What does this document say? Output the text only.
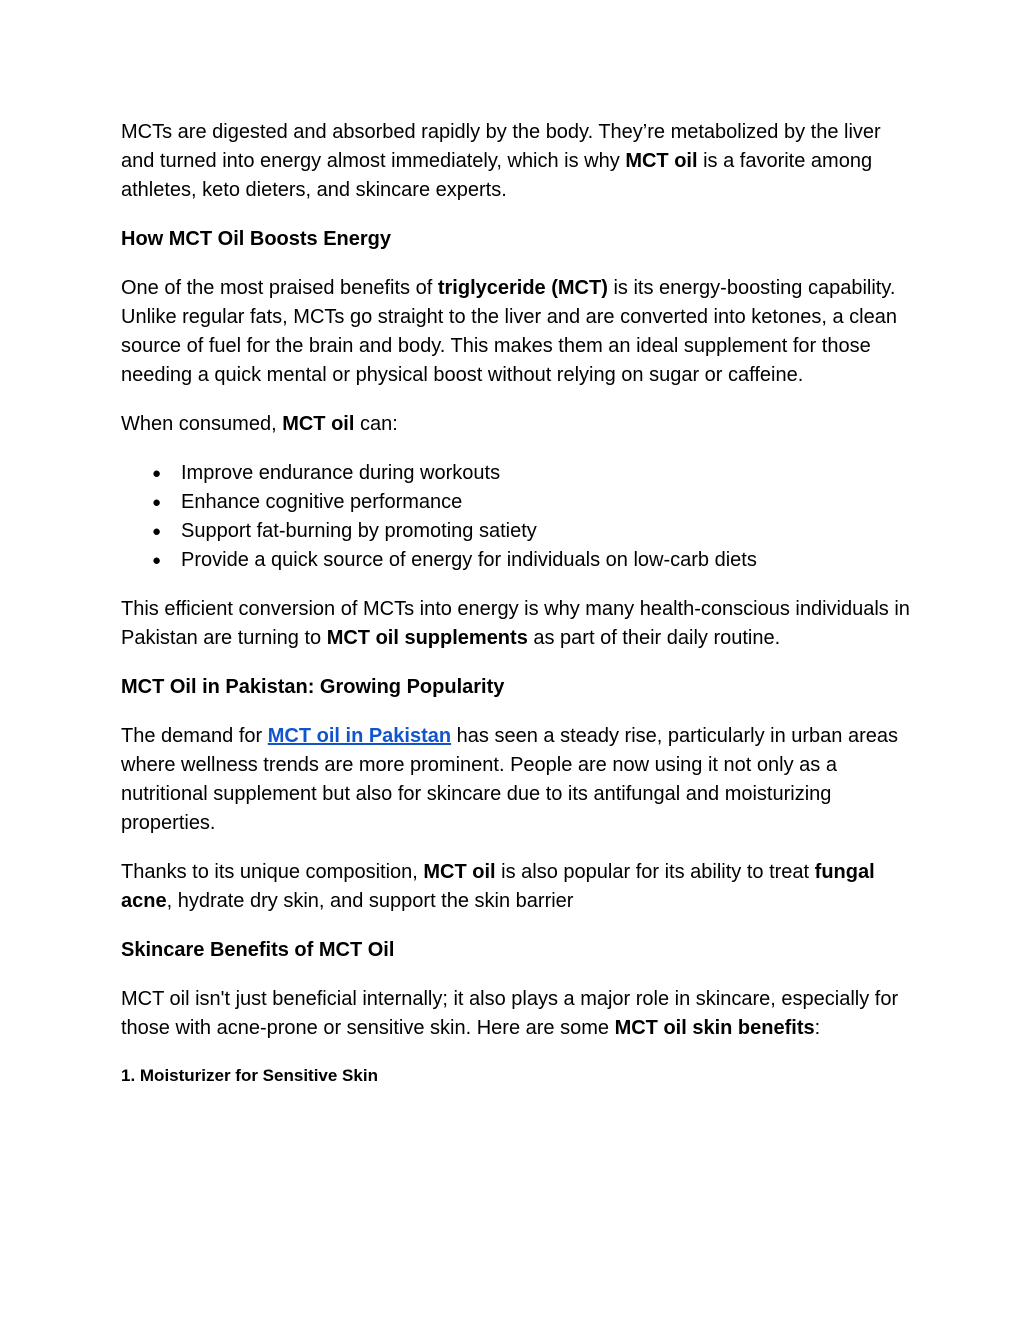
MCTs are digested and absorbed rapidly by the body. They’re metabolized by the liver and turned into energy almost immediately, which is why MCT oil is a favorite among athletes, keto dieters, and skincare experts.

How MCT Oil Boosts Energy

One of the most praised benefits of triglyceride (MCT) is its energy-boosting capability. Unlike regular fats, MCTs go straight to the liver and are converted into ketones, a clean source of fuel for the brain and body. This makes them an ideal supplement for those needing a quick mental or physical boost without relying on sugar or caffeine.

When consumed, MCT oil can:

● Improve endurance during workouts
● Enhance cognitive performance
● Support fat-burning by promoting satiety
● Provide a quick source of energy for individuals on low-carb diets

This efficient conversion of MCTs into energy is why many health-conscious individuals in Pakistan are turning to MCT oil supplements as part of their daily routine.

MCT Oil in Pakistan: Growing Popularity

The demand for MCT oil in Pakistan has seen a steady rise, particularly in urban areas where wellness trends are more prominent. People are now using it not only as a nutritional supplement but also for skincare due to its antifungal and moisturizing properties.

Thanks to its unique composition, MCT oil is also popular for its ability to treat fungal acne, hydrate dry skin, and support the skin barrier

Skincare Benefits of MCT Oil

MCT oil isn't just beneficial internally; it also plays a major role in skincare, especially for those with acne-prone or sensitive skin. Here are some MCT oil skin benefits:

1. Moisturizer for Sensitive Skin
